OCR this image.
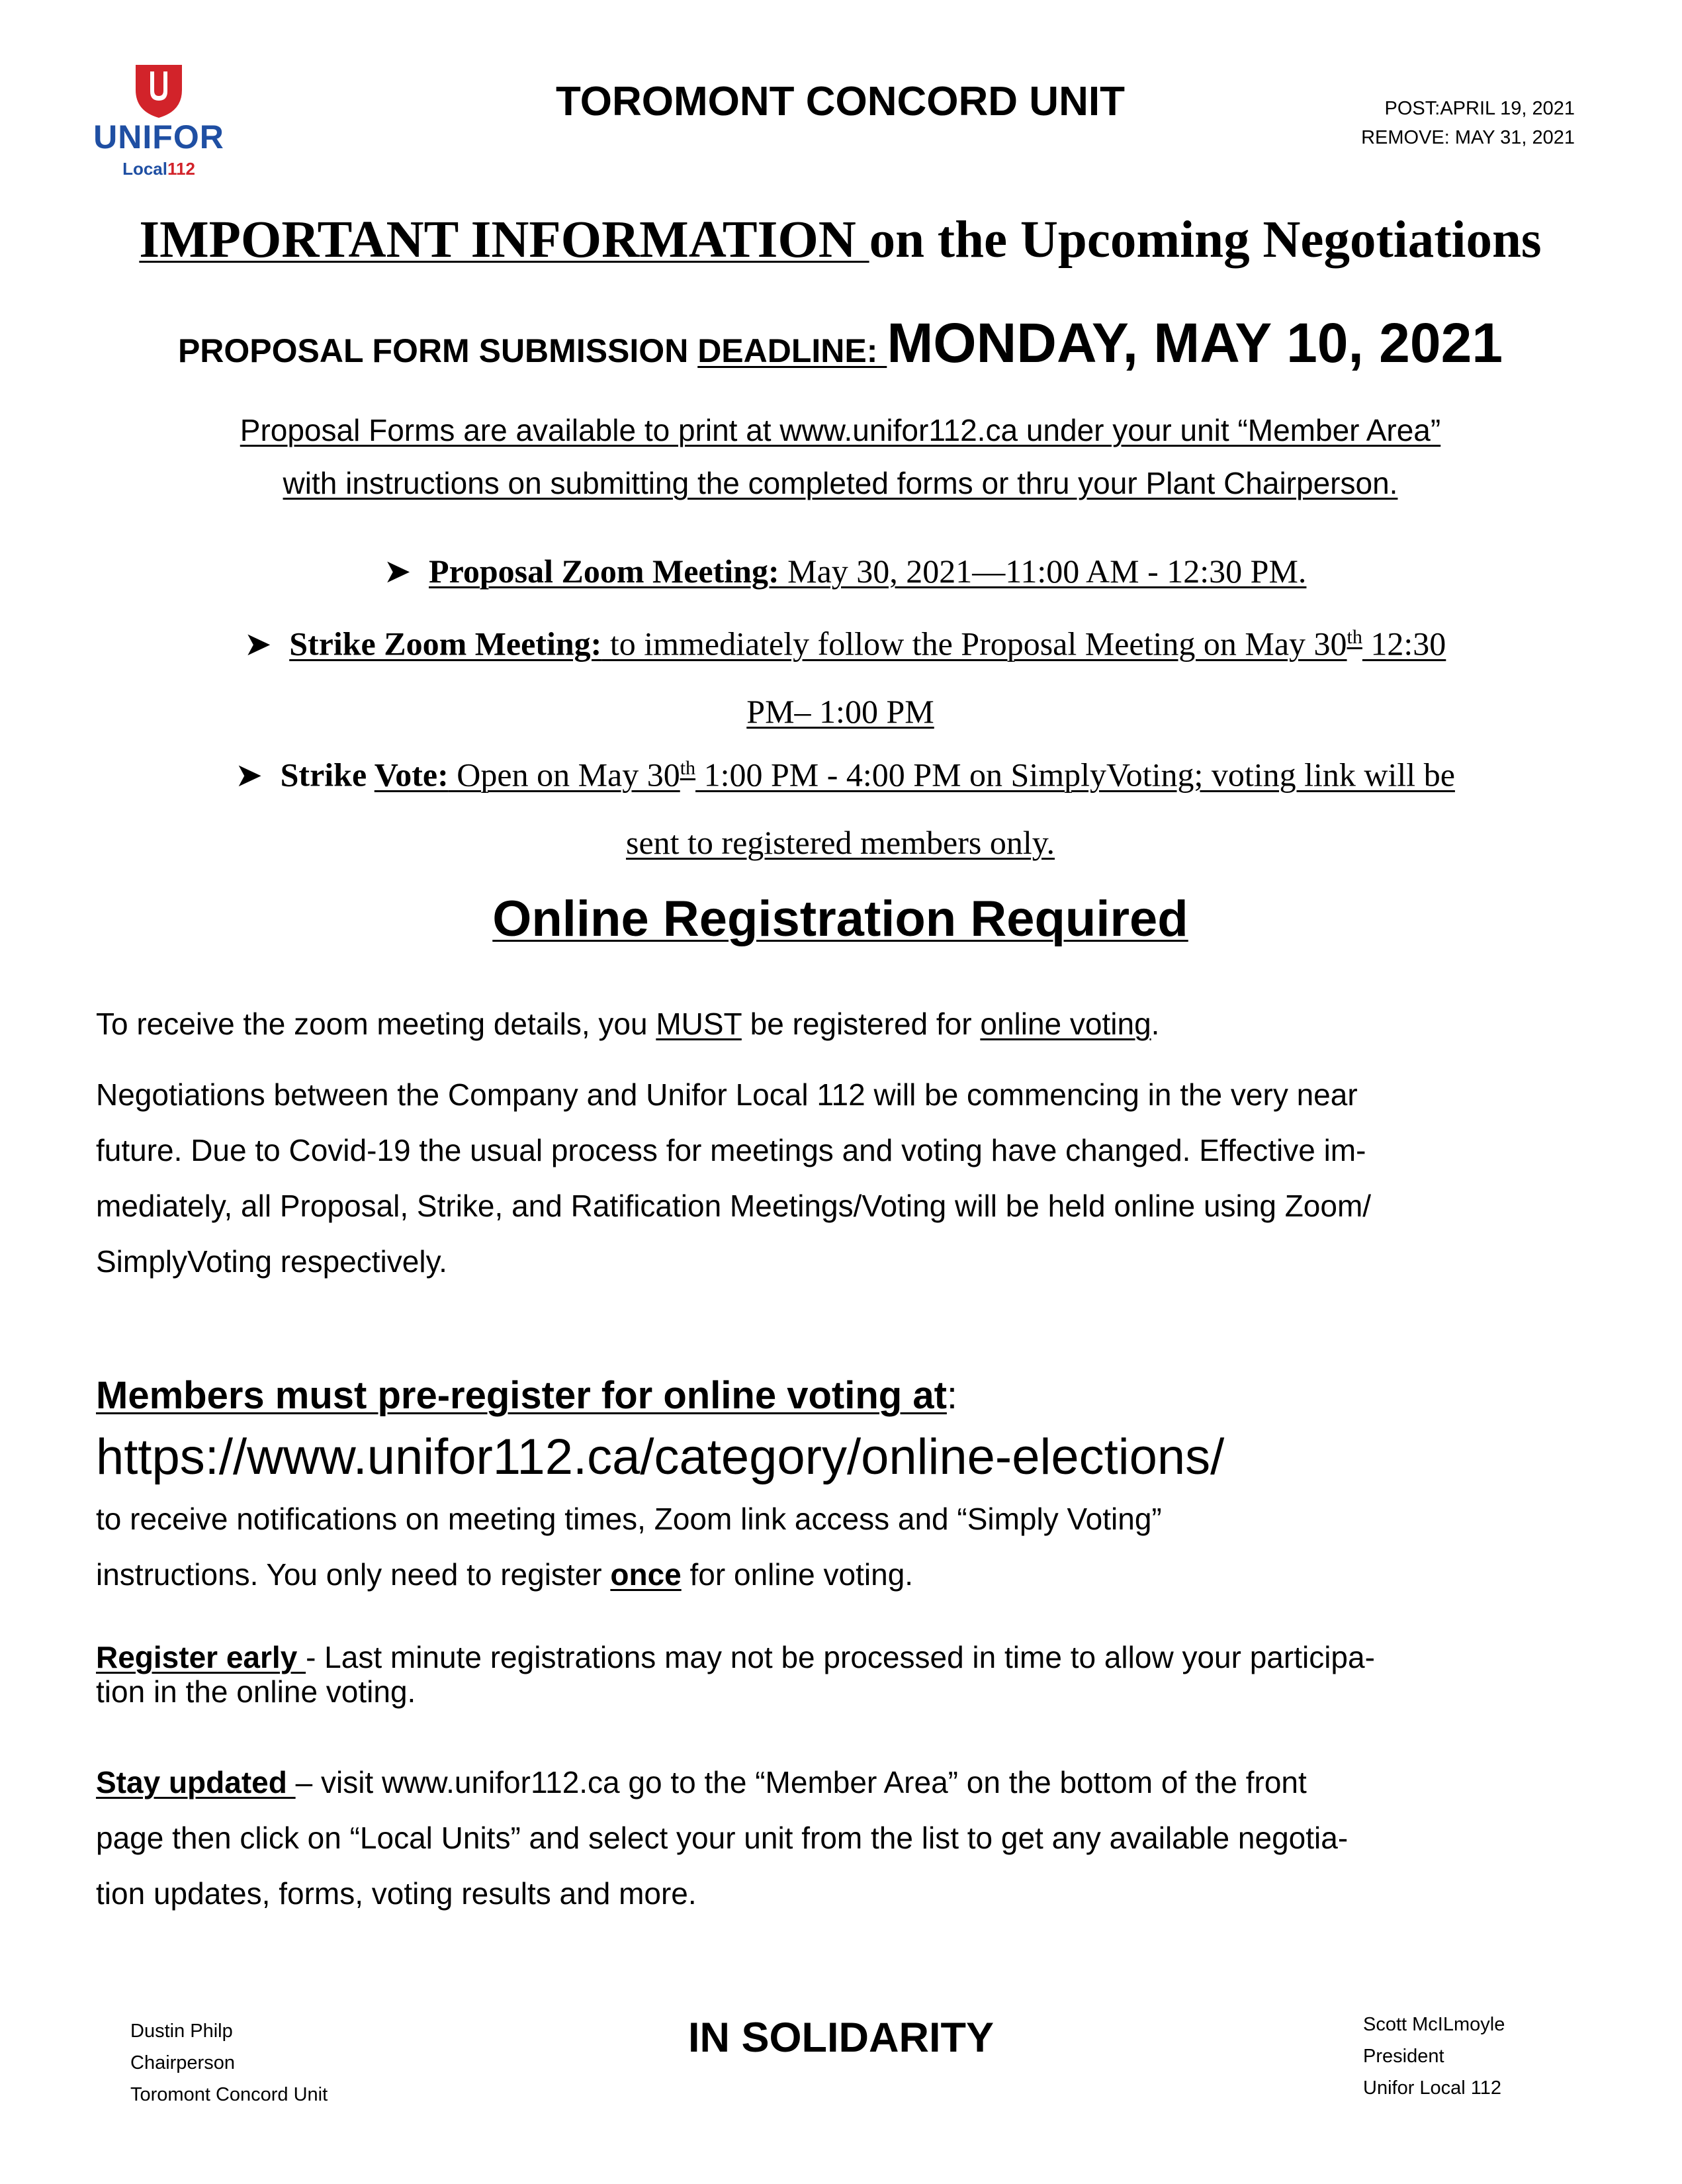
UNIFOR
Local112
TOROMONT CONCORD UNIT	POST:APRIL 19, 2021
REMOVE: MAY 31, 2021
IMPORTANT INFORMATION on the Upcoming Negotiations
PROPOSAL FORM SUBMISSION DEADLINE: MONDAY, MAY 10, 2021
Proposal Forms are available to print at www.unifor112.ca under your unit “Member Area”
with instructions on submitting the completed forms or thru your Plant Chairperson.
➤ Proposal Zoom Meeting: May 30, 2021—11:00 AM - 12:30 PM.
➤ Strike Zoom Meeting: to immediately follow the Proposal Meeting on May 30th 12:30
PM– 1:00 PM
➤ Strike Vote: Open on May 30th 1:00 PM - 4:00 PM on SimplyVoting; voting link will be
sent to registered members only.
Online Registration Required
To receive the zoom meeting details, you MUST be registered for online voting.
Negotiations between the Company and Unifor Local 112 will be commencing in the very near
future. Due to Covid-19 the usual process for meetings and voting have changed. Effective im-
mediately, all Proposal, Strike, and Ratification Meetings/Voting will be held online using Zoom/
SimplyVoting respectively.
Members must pre-register for online voting at:
https://www.unifor112.ca/category/online-elections/
to receive notifications on meeting times, Zoom link access and “Simply Voting”
instructions. You only need to register once for online voting.
Register early - Last minute registrations may not be processed in time to allow your participa-
tion in the online voting.
Stay updated – visit www.unifor112.ca go to the “Member Area” on the bottom of the front
page then click on “Local Units” and select your unit from the list to get any available negotia-
tion updates, forms, voting results and more.
Dustin Philp
Chairperson
Toromont Concord Unit
IN SOLIDARITY	Scott McILmoyle
President
Unifor Local 112
